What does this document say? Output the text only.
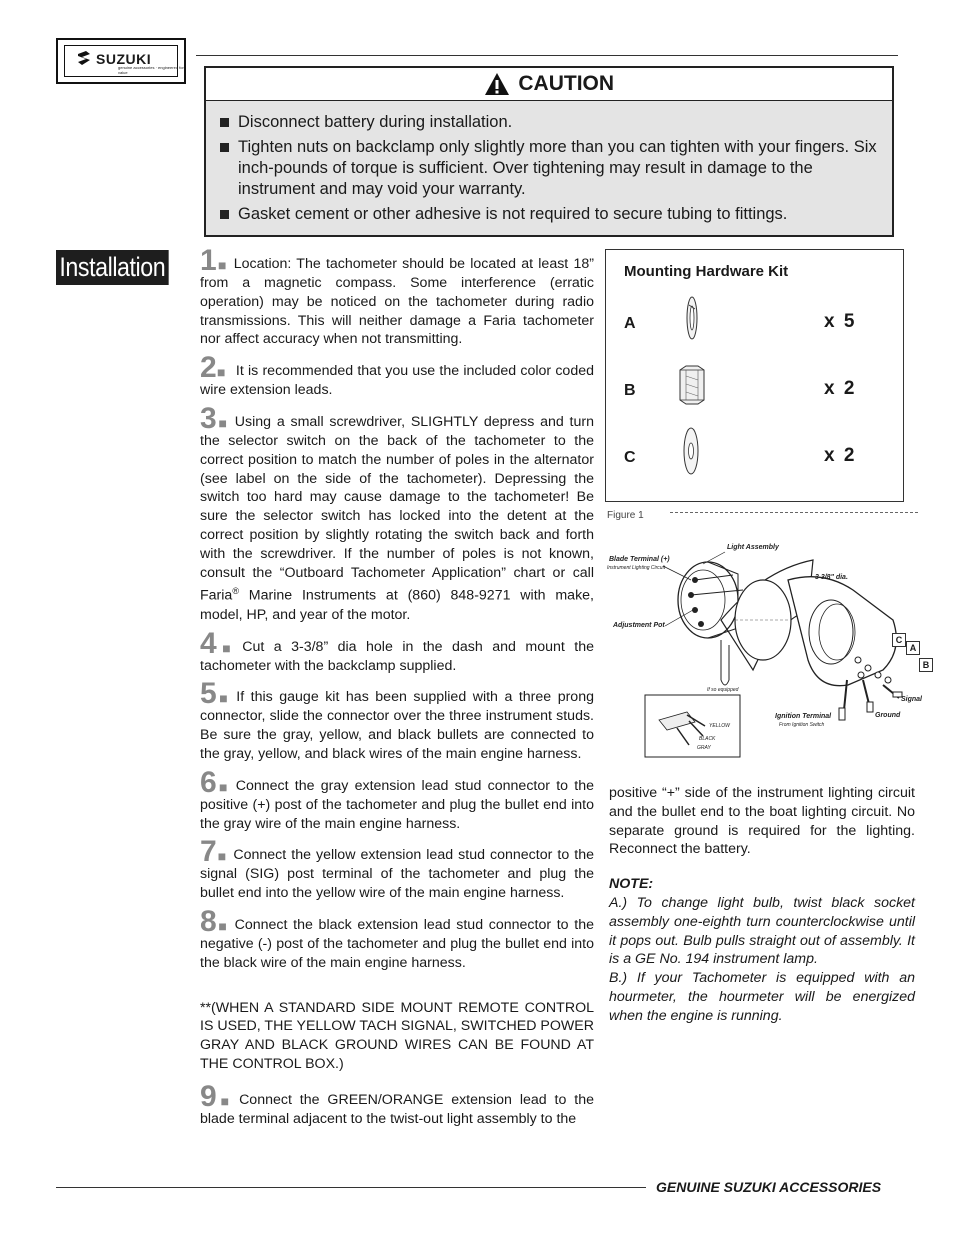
SUZUKI
genuine accessories · engineered for value	CAUTION
Disconnect battery during installation.
Tighten nuts on backclamp only slightly more than you can tighten with your fingers. Six inch-pounds of torque is sufficient. Over tightening may result in damage to the instrument and may void your warranty.
Gasket cement or other adhesive is not required to secure tubing to fittings.
Installation 1■ Location: The tachometer should be located at least 18” from a magnetic compass. Some interference (erratic operation) may be noticed on the tachometer during radio transmissions. This will neither damage a Faria tachometer nor affect accuracy when not transmitting.

2■ It is recommended that you use the included color coded wire extension leads.

3■ Using a small screwdriver, SLIGHTLY depress and turn the selector switch on the back of the tachometer to the correct position to match the number of poles in the alternator (see label on the side of the tachometer). Depressing the switch too hard may cause damage to the tachometer! Be sure the selector switch has locked into the detent at the correct position by slightly rotating the switch back and forth with the screwdriver. If the number of poles is not known, consult the “Outboard Tachometer Application” chart or call Faria® Marine Instruments at (860) 848-9271 with make, model, HP, and year of the motor.

4■ Cut a 3-3/8” dia hole in the dash and mount the tachometer with the backclamp supplied.

5■ If this gauge kit has been supplied with a three prong connector, slide the connector over the three instrument studs. Be sure the gray, yellow, and black bullets are connected to the gray, yellow, and black wires of the main engine harness.

6■ Connect the gray extension lead stud connector to the positive (+) post of the tachometer and plug the bullet end into the gray wire of the main engine harness.

7■ Connect the yellow extension lead stud connector to the signal (SIG) post terminal of the tachometer and plug the bullet end into the yellow wire of the main engine harness.

8■ Connect the black extension lead stud connector to the negative (-) post of the tachometer and plug the bullet end into the black wire of the main engine harness.

**(WHEN A STANDARD SIDE MOUNT REMOTE CONTROL IS USED, THE YELLOW TACH SIGNAL, SWITCHED POWER GRAY AND BLACK GROUND WIRES CAN BE FOUND AT THE CONTROL BOX.)

9■ Connect the GREEN/ORANGE extension lead to the blade terminal adjacent to the twist-out light assembly to the

Mounting Hardware Kit
A	x 5
B	x 2
C	x 2
Figure 1
Light Assembly
Blade Terminal (+)
Instrument Lighting Circuit
3 3/8" dia.
Adjustment Pot
C
A
B
Signal
Ground
Ignition Terminal
From Ignition Switch
If so equipped
YELLOW
BLACK
GRAY

positive “+” side of the instrument lighting circuit and the bullet end to the boat lighting circuit. No separate ground is required for the lighting. Reconnect the battery.

NOTE:
A.) To change light bulb, twist black socket assembly one-eighth turn counterclockwise until it pops out. Bulb pulls straight out of assembly. It is a GE No. 194 instrument lamp.
B.) If your Tachometer is equipped with an hourmeter, the hourmeter will be energized when the engine is running.
GENUINE SUZUKI ACCESSORIES
